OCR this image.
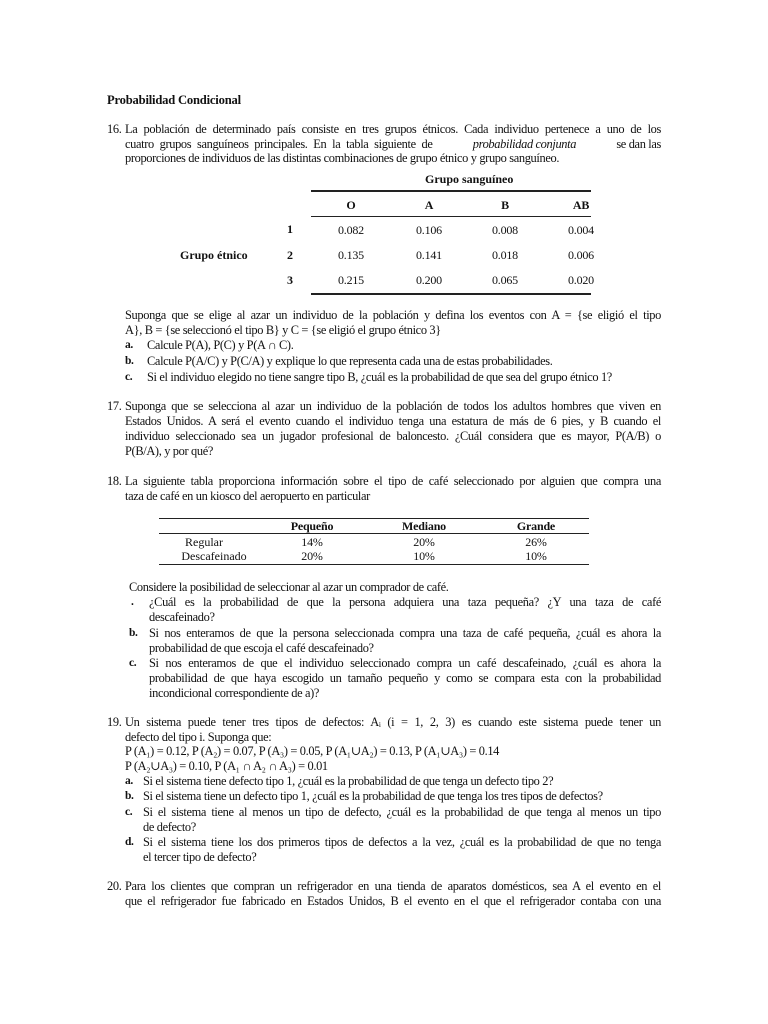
Probabilidad Condicional
16. La población de determinado país consiste en tres grupos étnicos. Cada individuo pertenece a uno de los
cuatro grupos sanguíneos principales. En la tabla siguiente de	probabilidad conjunta	se dan las
proporciones de individuos de las distintas combinaciones de grupo étnico y grupo sanguíneo.
Grupo sanguíneo
O	A	B	AB
Grupo étnico
1	0.082	0.106	0.008	0.004
2	0.135	0.141	0.018	0.006
3	0.215	0.200	0.065	0.020
Suponga que se elige al azar un individuo de la población y defina los eventos con A = {se eligió el tipo
A}, B = {se seleccionó el tipo B} y C = {se eligió el grupo étnico 3}
a. Calcule P(A), P(C) y P(A ∩ C).
b. Calcule P(A/C) y P(C/A) y explique lo que representa cada una de estas probabilidades.
c. Si el individuo elegido no tiene sangre tipo B, ¿cuál es la probabilidad de que sea del grupo étnico 1?
17. Suponga que se selecciona al azar un individuo de la población de todos los adultos hombres que viven en
Estados Unidos. A será el evento cuando el individuo tenga una estatura de más de 6 pies, y B cuando el
individuo seleccionado sea un jugador profesional de baloncesto. ¿Cuál considera que es mayor, P(A/B) o
P(B/A), y por qué?
18. La siguiente tabla proporciona información sobre el tipo de café seleccionado por alguien que compra una
taza de café en un kiosco del aeropuerto en particular
Pequeño	Mediano	Grande
Regular	14%	20%	26%
Descafeinado	20%	10%	10%
Considere la posibilidad de seleccionar al azar un comprador de café.
. ¿Cuál es la probabilidad de que la persona adquiera una taza pequeña? ¿Y una taza de café
descafeinado?
b. Si nos enteramos de que la persona seleccionada compra una taza de café pequeña, ¿cuál es ahora la
probabilidad de que escoja el café descafeinado?
c. Si nos enteramos de que el individuo seleccionado compra un café descafeinado, ¿cuál es ahora la
probabilidad de que haya escogido un tamaño pequeño y como se compara esta con la probabilidad
incondicional correspondiente de a)?
19. Un sistema puede tener tres tipos de defectos: Aᵢ (i = 1, 2, 3) es cuando este sistema puede tener un
defecto del tipo i. Suponga que:
P (A₁) = 0.12, P (A₂) = 0.07, P (A₃) = 0.05, P (A₁∪A₂) = 0.13, P (A₁∪A₃) = 0.14
P (A₂∪A₃) = 0.10, P (A₁ ∩ A₂ ∩ A₃) = 0.01
a. Si el sistema tiene defecto tipo 1, ¿cuál es la probabilidad de que tenga un defecto tipo 2?
b. Si el sistema tiene un defecto tipo 1, ¿cuál es la probabilidad de que tenga los tres tipos de defectos?
c. Si el sistema tiene al menos un tipo de defecto, ¿cuál es la probabilidad de que tenga al menos un tipo
de defecto?
d. Si el sistema tiene los dos primeros tipos de defectos a la vez, ¿cuál es la probabilidad de que no tenga
el tercer tipo de defecto?
20. Para los clientes que compran un refrigerador en una tienda de aparatos domésticos, sea A el evento en el
que el refrigerador fue fabricado en Estados Unidos, B el evento en el que el refrigerador contaba con una
